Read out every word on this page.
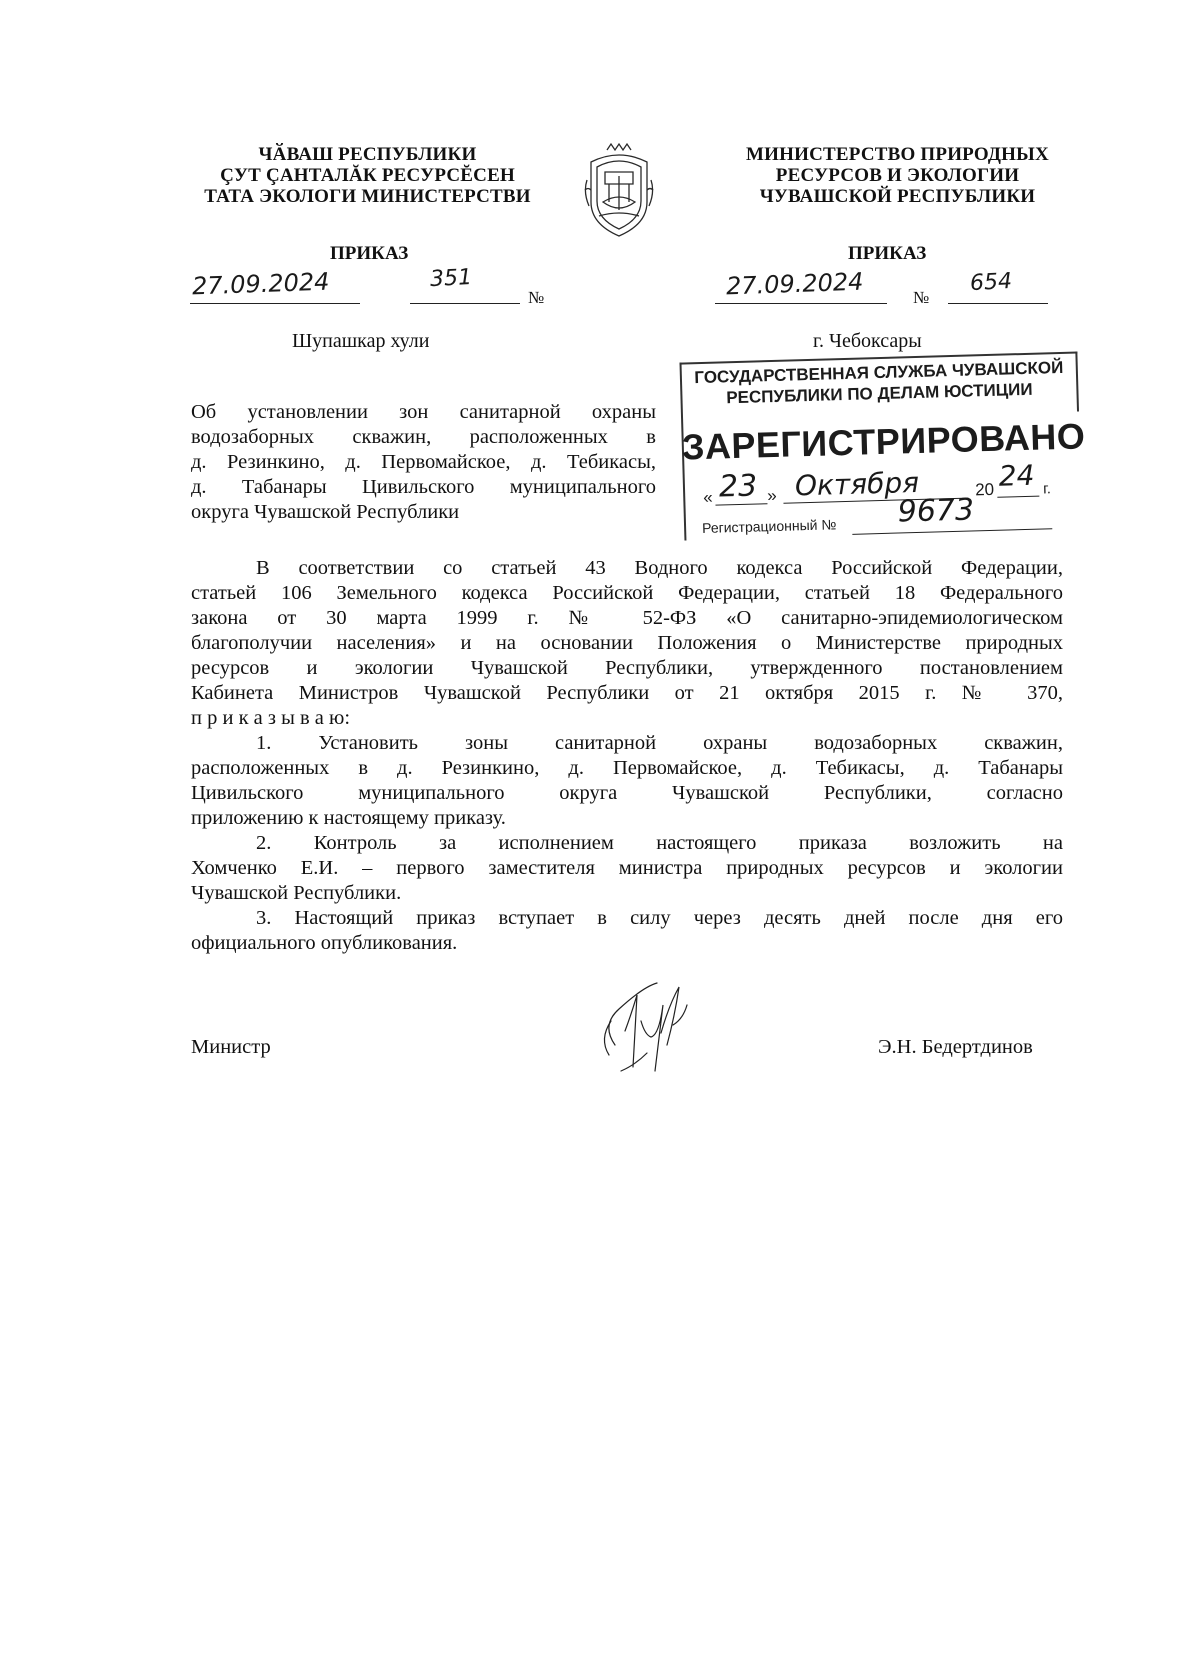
ЧӐВАШ РЕСПУБЛИКИ
ÇУТ ÇАНТАЛĂК РЕСУРСĔСЕН
ТАТА ЭКОЛОГИ МИНИСТЕРСТВИ
МИНИСТЕРСТВО ПРИРОДНЫХ
РЕСУРСОВ И ЭКОЛОГИИ
ЧУВАШСКОЙ РЕСПУБЛИКИ
ПРИКАЗ	ПРИКАЗ
27.09.2024	351
№	27.09.2024	№
654
Шупашкар хули	г. Чебоксары
ГОСУДАРСТВЕННАЯ СЛУЖБА ЧУВАШСКОЙ
РЕСПУБЛИКИ ПО ДЕЛАМ ЮСТИЦИИ
ЗАРЕГИСТРИРОВАНО
« 23 » Октября	20 24 г.
Регистрационный № 9673
Об установлении зон санитарной охраны
водозаборных скважин, расположенных в
д. Резинкино, д. Первомайское, д. Тебикасы,
д. Табанары Цивильского муниципального
округа Чувашской Республики
В соответствии со статьей 43 Водного кодекса Российской Федерации,
статьей 106 Земельного кодекса Российской Федерации, статьей 18 Федерального
закона от 30 марта 1999 г. № 52-ФЗ «О санитарно-эпидемиологическом
благополучии населения» и на основании Положения о Министерстве природных
ресурсов и экологии Чувашской Республики, утвержденного постановлением
Кабинета Министров Чувашской Республики от 21 октября 2015 г. № 370,
п р и к а з ы в а ю:
1. Установить зоны санитарной охраны водозаборных скважин,
расположенных в д. Резинкино, д. Первомайское, д. Тебикасы, д. Табанары
Цивильского муниципального округа Чувашской Республики, согласно
приложению к настоящему приказу.
2. Контроль за исполнением настоящего приказа возложить на
Хомченко Е.И. – первого заместителя министра природных ресурсов и экологии
Чувашской Республики.
3. Настоящий приказ вступает в силу через десять дней после дня его
официального опубликования.
Министр	Э.Н. Бедертдинов
